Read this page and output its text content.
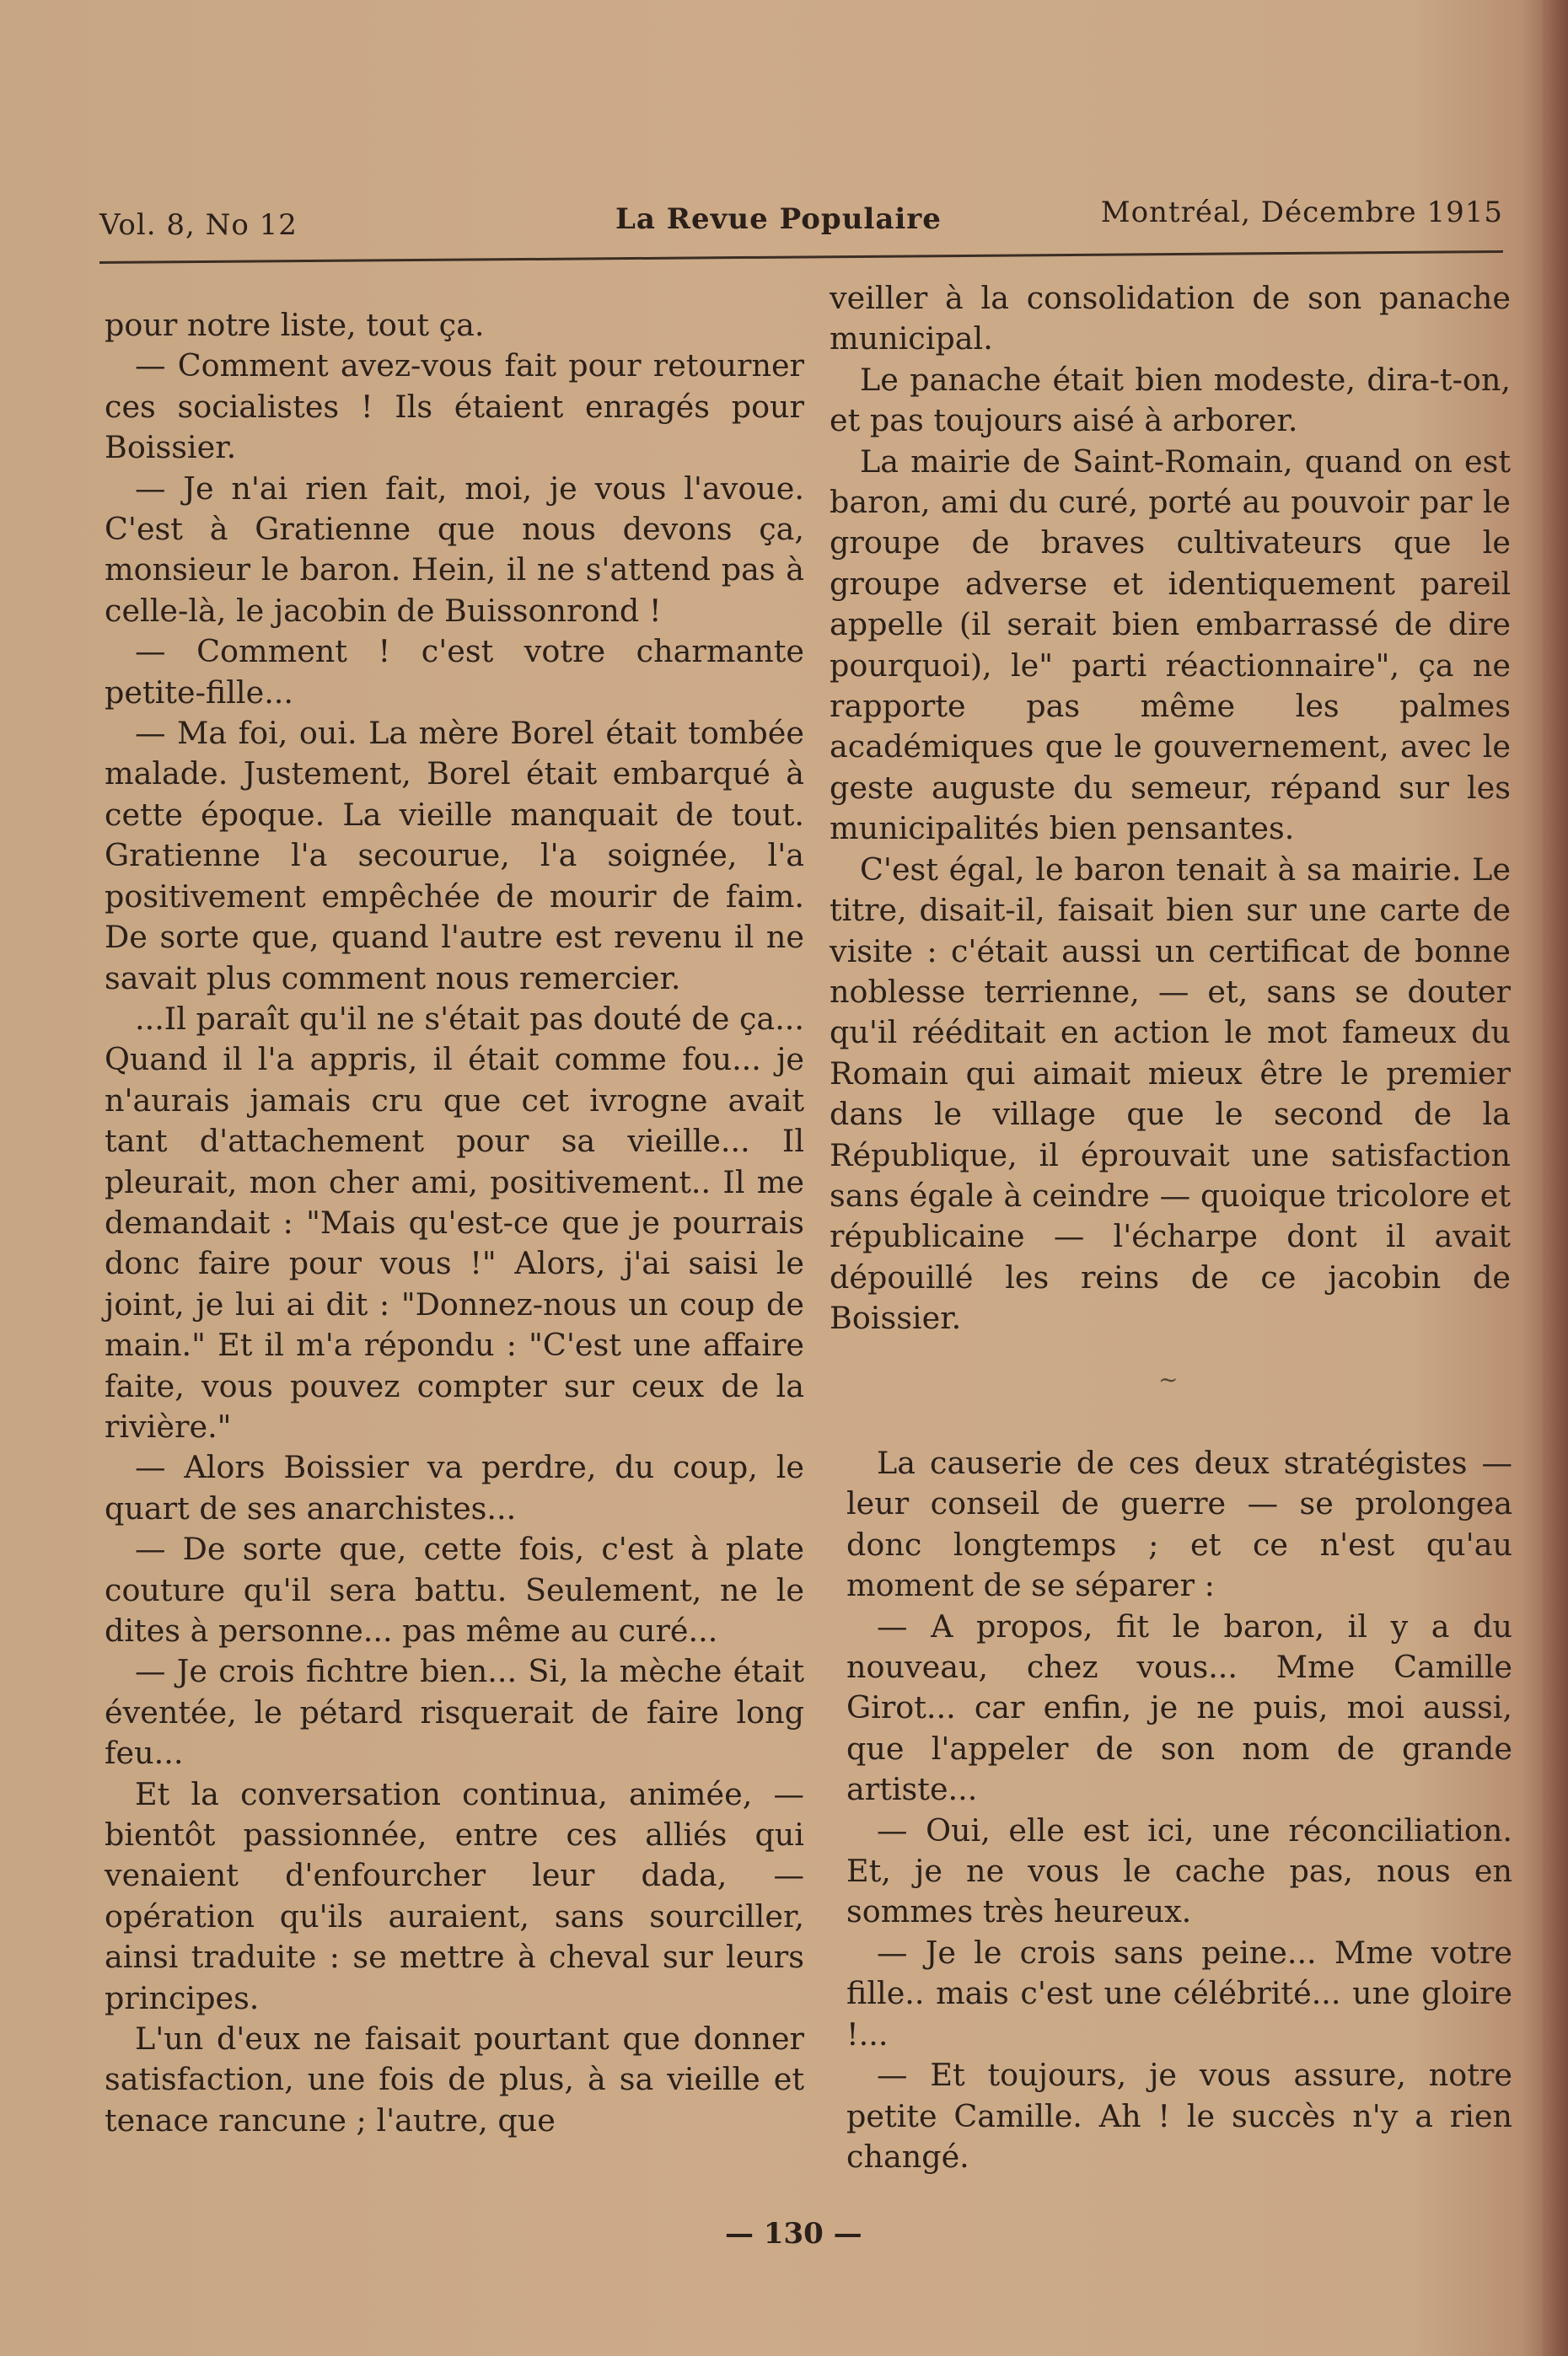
Vol. 8, No 12	La Revue Populaire	Montréal, Décembre 1915

pour notre liste, tout ça.

— Comment avez-vous fait pour retourner ces socialistes ! Ils étaient enragés pour Boissier.

— Je n'ai rien fait, moi, je vous l'avoue. C'est à Gratienne que nous devons ça, monsieur le baron. Hein, il ne s'attend pas à celle-là, le jacobin de Buissonrond !

— Comment ! c'est votre charmante petite-fille...

— Ma foi, oui. La mère Borel était tombée malade. Justement, Borel était embarqué à cette époque. La vieille manquait de tout. Gratienne l'a secourue, l'a soignée, l'a positivement empêchée de mourir de faim. De sorte que, quand l'autre est revenu il ne savait plus comment nous remercier.

...Il paraît qu'il ne s'était pas douté de ça... Quand il l'a appris, il était comme fou... je n'aurais jamais cru que cet ivrogne avait tant d'attachement pour sa vieille... Il pleurait, mon cher ami, positivement.. Il me demandait : "Mais qu'est-ce que je pourrais donc faire pour vous !" Alors, j'ai saisi le joint, je lui ai dit : "Donnez-nous un coup de main." Et il m'a répondu : "C'est une affaire faite, vous pouvez compter sur ceux de la rivière."

— Alors Boissier va perdre, du coup, le quart de ses anarchistes...

— De sorte que, cette fois, c'est à plate couture qu'il sera battu. Seulement, ne le dites à personne... pas même au curé...

— Je crois fichtre bien... Si, la mèche était éventée, le pétard risquerait de faire long feu...

Et la conversation continua, animée, — bientôt passionnée, entre ces alliés qui venaient d'enfourcher leur dada, — opération qu'ils auraient, sans sourciller, ainsi traduite : se mettre à cheval sur leurs principes.

L'un d'eux ne faisait pourtant que donner satisfaction, une fois de plus, à sa vieille et tenace rancune ; l'autre, que

veiller à la consolidation de son panache municipal.

Le panache était bien modeste, dira-t-on, et pas toujours aisé à arborer.

La mairie de Saint-Romain, quand on est baron, ami du curé, porté au pouvoir par le groupe de braves cultivateurs que le groupe adverse et identiquement pareil appelle (il serait bien embarrassé de dire pourquoi), le" parti réactionnaire", ça ne rapporte pas même les palmes académiques que le gouvernement, avec le geste auguste du semeur, répand sur les municipalités bien pensantes.

C'est égal, le baron tenait à sa mairie. Le titre, disait-il, faisait bien sur une carte de visite : c'était aussi un certificat de bonne noblesse terrienne, — et, sans se douter qu'il rééditait en action le mot fameux du Romain qui aimait mieux être le premier dans le village que le second de la République, il éprouvait une satisfaction sans égale à ceindre — quoique tricolore et républicaine — l'écharpe dont il avait dépouillé les reins de ce jacobin de Boissier.

~

La causerie de ces deux stratégistes — leur conseil de guerre — se prolongea donc longtemps ; et ce n'est qu'au moment de se séparer :

— A propos, fit le baron, il y a du nouveau, chez vous... Mme Camille Girot... car enfin, je ne puis, moi aussi, que l'appeler de son nom de grande artiste...

— Oui, elle est ici, une réconciliation. Et, je ne vous le cache pas, nous en sommes très heureux.

— Je le crois sans peine... Mme votre fille.. mais c'est une célébrité... une gloire !...

— Et toujours, je vous assure, notre petite Camille. Ah ! le succès n'y a rien changé.

— 130 —
